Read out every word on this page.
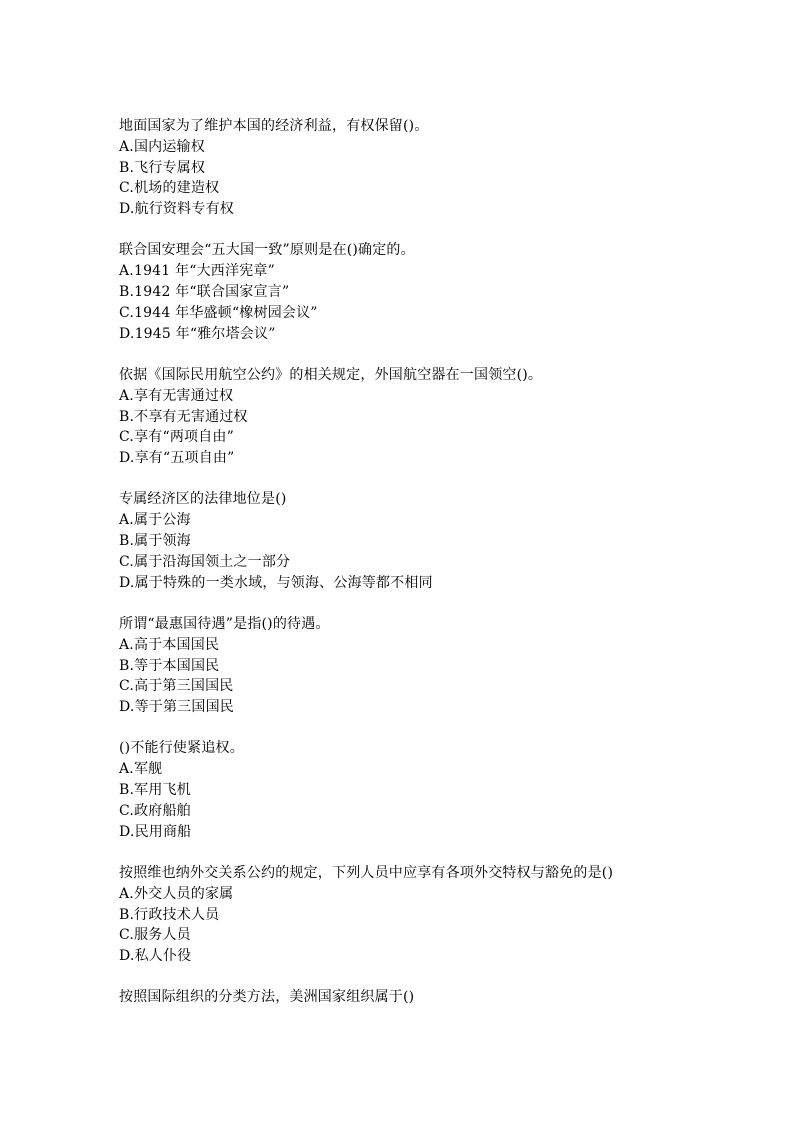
地面国家为了维护本国的经济利益，有权保留()。
A.国内运输权
B.飞行专属权
C.机场的建造权
D.航行资料专有权
联合国安理会“五大国一致”原则是在()确定的。
A.1941 年“大西洋宪章”
B.1942 年“联合国家宣言”
C.1944 年华盛顿“橡树园会议”
D.1945 年“雅尔塔会议”
依据《国际民用航空公约》的相关规定，外国航空器在一国领空()。
A.享有无害通过权
B.不享有无害通过权
C.享有“两项自由”
D.享有“五项自由”
专属经济区的法律地位是()
A.属于公海
B.属于领海
C.属于沿海国领土之一部分
D.属于特殊的一类水域，与领海、公海等都不相同
所谓“最惠国待遇”是指()的待遇。
A.高于本国国民
B.等于本国国民
C.高于第三国国民
D.等于第三国国民
()不能行使紧追权。
A.军舰
B.军用飞机
C.政府船舶
D.民用商船
按照维也纳外交关系公约的规定，下列人员中应享有各项外交特权与豁免的是()
A.外交人员的家属
B.行政技术人员
C.服务人员
D.私人仆役
按照国际组织的分类方法，美洲国家组织属于()
